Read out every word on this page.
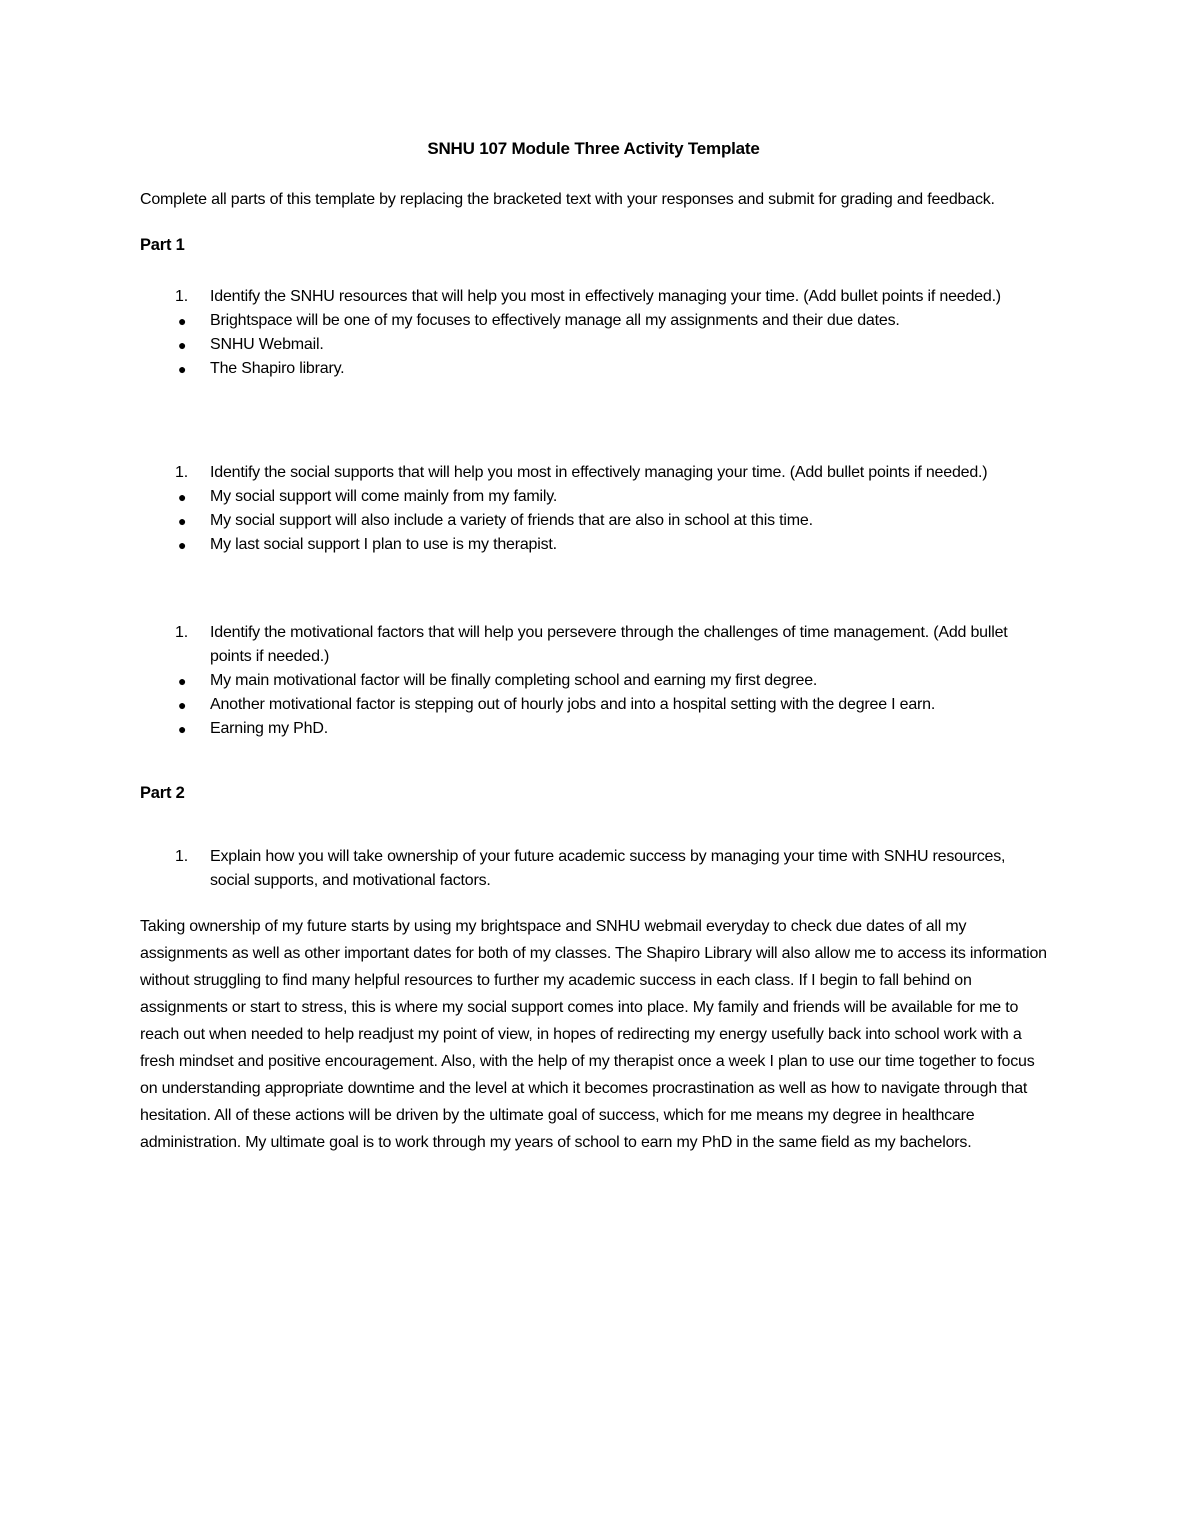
SNHU 107 Module Three Activity Template

Complete all parts of this template by replacing the bracketed text with your responses and submit for grading and feedback.

Part 1
1.	Identify the SNHU resources that will help you most in effectively managing your time. (Add bullet points if needed.)
●	Brightspace will be one of my focuses to effectively manage all my assignments and their due dates.
●	SNHU Webmail.
●	The Shapiro library.
1.	Identify the social supports that will help you most in effectively managing your time. (Add bullet points if needed.)
●	My social support will come mainly from my family.
●	My social support will also include a variety of friends that are also in school at this time.
●	My last social support I plan to use is my therapist.
1.	Identify the motivational factors that will help you persevere through the challenges of time management. (Add bullet points if needed.)
●	My main motivational factor will be finally completing school and earning my first degree.
●	Another motivational factor is stepping out of hourly jobs and into a hospital setting with the degree I earn.
●	Earning my PhD.
Part 2
1.	Explain how you will take ownership of your future academic success by managing your time with SNHU resources, social supports, and motivational factors.

Taking ownership of my future starts by using my brightspace and SNHU webmail everyday to check due dates of all my assignments as well as other important dates for both of my classes. The Shapiro Library will also allow me to access its information without struggling to find many helpful resources to further my academic success in each class. If I begin to fall behind on assignments or start to stress, this is where my social support comes into place. My family and friends will be available for me to reach out when needed to help readjust my point of view, in hopes of redirecting my energy usefully back into school work with a fresh mindset and positive encouragement. Also, with the help of my therapist once a week I plan to use our time together to focus on understanding appropriate downtime and the level at which it becomes procrastination as well as how to navigate through that hesitation. All of these actions will be driven by the ultimate goal of success, which for me means my degree in healthcare administration. My ultimate goal is to work through my years of school to earn my PhD in the same field as my bachelors.
